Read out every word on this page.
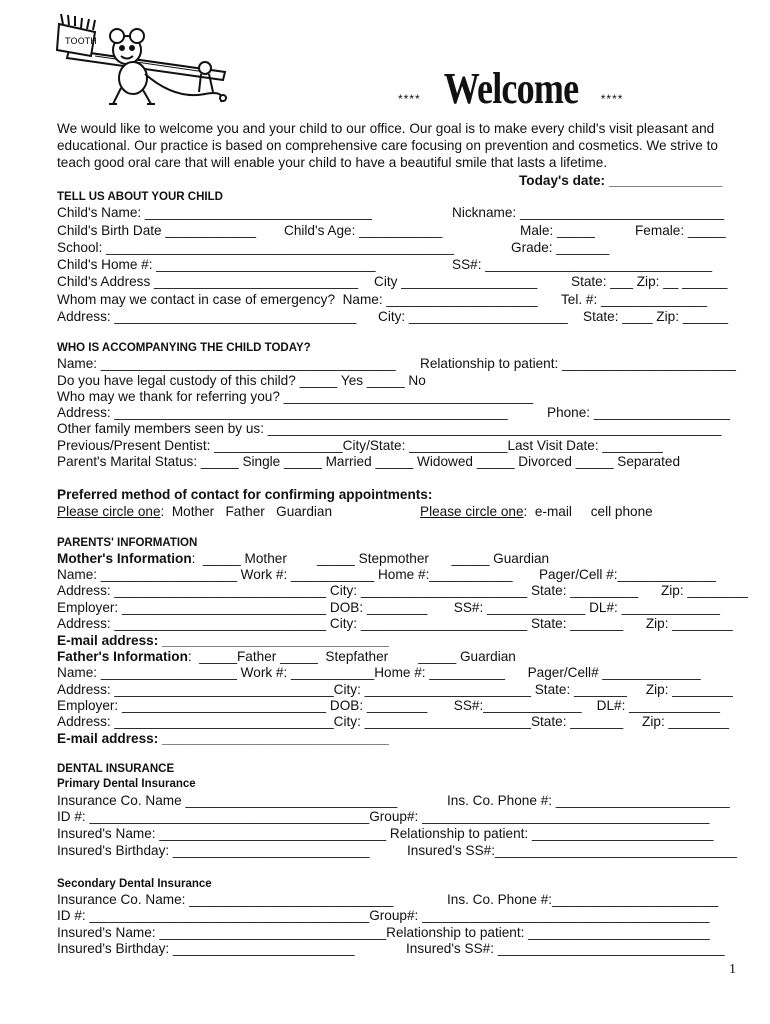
TOOTH
**** Welcome ****
We would like to welcome you and your child to our office. Our goal is to make every child's visit pleasant and educational. Our practice is based on comprehensive care focusing on prevention and cosmetics. We strive to teach good oral care that will enable your child to have a beautiful smile that lasts a lifetime.
Today's date: _______________
TELL US ABOUT YOUR CHILD
Child's Name: ______________________________	Nickname: ___________________________
Child's Birth Date ____________ Child's Age: ___________	Male: _____	Female: _____
School: ______________________________________________	Grade: _______
Child's Home #: _____________________________	SS#: ______________________________
Child's Address ___________________________ City __________________ State: ___ Zip: __ ______
Whom may we contact in case of emergency?  Name: ____________________ Tel. #: ______________
Address: ________________________________ City: _____________________ State: ____ Zip: ______
WHO IS ACCOMPANYING THE CHILD TODAY?
Name: _______________________________________ Relationship to patient: _______________________
Do you have legal custody of this child? _____ Yes _____ No
Who may we thank for referring you? _________________________________
Address: ____________________________________________________	Phone: __________________
Other family members seen by us: ____________________________________________________________
Previous/Present Dentist: _________________City/State: _____________Last Visit Date: ________
Parent's Marital Status: _____ Single _____ Married _____ Widowed _____ Divorced _____ Separated
Preferred method of contact for confirming appointments:
Please circle one:  Mother   Father   Guardian	Please circle one:  e-mail     cell phone
PARENTS' INFORMATION
Mother's Information:  _____ Mother        _____ Stepmother      _____ Guardian
Name: __________________ Work #: ___________ Home #:___________       Pager/Cell #:_____________
Address: ____________________________ City: ______________________ State: _________      Zip: ________
Employer: ___________________________ DOB: ________       SS#: _____________ DL#: _____________
Address: ____________________________ City: ______________________ State: _______      Zip: ________
E-mail address: ______________________________
Father's Information:  _____Father _____  Stepfather        _____ Guardian
Name: __________________ Work #: ___________Home #: __________      Pager/Cell# _____________
Address: _____________________________City: ______________________ State: _______     Zip: ________
Employer: ___________________________ DOB: ________       SS#:_____________    DL#: ____________
Address: _____________________________City: ______________________State: _______     Zip: ________
E-mail address: ______________________________
DENTAL INSURANCE
Primary Dental Insurance
Insurance Co. Name ____________________________	Ins. Co. Phone #: _______________________
ID #: _____________________________________Group#: ______________________________________
Insured's Name: ______________________________ Relationship to patient: ________________________
Insured's Birthday: __________________________	Insured's SS#:________________________________
Secondary Dental Insurance
Insurance Co. Name: ___________________________	Ins. Co. Phone #:______________________
ID #: _____________________________________Group#: ______________________________________
Insured's Name: ______________________________Relationship to patient: ________________________
Insured's Birthday: ________________________	Insured's SS#: ______________________________
1
